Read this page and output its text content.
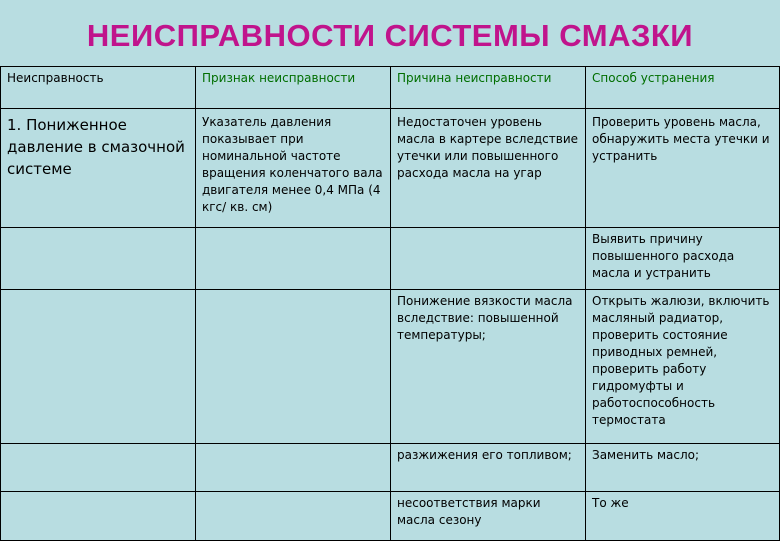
НЕИСПРАВНОСТИ СИСТЕМЫ СМАЗКИ
Неисправность	Признак неисправности	Причина неисправности	Способ устранения
1. Пониженное давление в смазочной системе	Указатель давления показывает при номинальной частоте вращения коленчатого вала двигателя менее 0,4 МПа (4 кгс/ кв. см)	Недостаточен уровень масла в картере вследствие утечки или повышенного расхода масла на угар	Проверить уровень масла, обнаружить места утечки и устранить
			Выявить причину повышенного расхода масла и устранить
		Понижение вязкости масла вследствие: повышенной температуры;	Открыть жалюзи, включить масляный радиатор, проверить состояние приводных ремней, проверить работу гидромуфты и работоспособность термостата
		разжижения его топливом;	Заменить масло;
		несоответствия марки масла сезону	То же
